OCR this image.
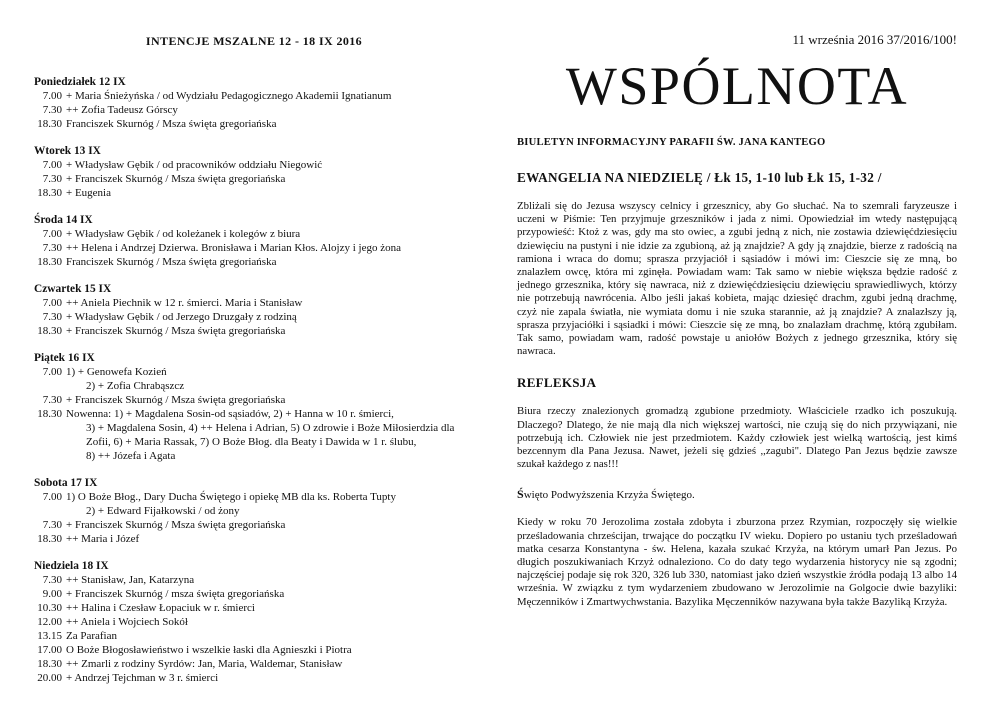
INTENCJE MSZALNE 12 - 18 IX 2016
Poniedziałek 12 IX
7.00 + Maria Śnieżyńska / od Wydziału Pedagogicznego Akademii Ignatianum
7.30 ++ Zofia Tadeusz Górscy
18.30 Franciszek Skurnóg / Msza święta gregoriańska
Wtorek 13 IX
7.00 + Władysław Gębik / od pracowników oddziału Niegowić
7.30 + Franciszek Skurnóg / Msza święta gregoriańska
18.30 + Eugenia
Środa 14 IX
7.00 + Władysław Gębik / od koleżanek i kolegów z biura
7.30 ++ Helena i Andrzej Dzierwa. Bronisława i Marian Kłos. Alojzy i jego żona
18.30 Franciszek Skurnóg / Msza święta gregoriańska
Czwartek 15 IX
7.00 ++ Aniela Piechnik w 12 r. śmierci. Maria i Stanisław
7.30 + Władysław Gębik / od Jerzego Druzgały z rodziną
18.30 + Franciszek Skurnóg / Msza święta gregoriańska
Piątek 16 IX
7.00 1) + Genowefa Kozień
2) + Zofia Chrabąszcz
7.30 + Franciszek Skurnóg / Msza święta gregoriańska
18.30 Nowenna: 1) + Magdalena Sosin-od sąsiadów, 2) + Hanna w 10 r. śmierci,
3) + Magdalena Sosin, 4) ++ Helena i Adrian, 5) O zdrowie i Boże Miłosierdzia dla
Zofii, 6) + Maria Rassak, 7) O Boże Błog. dla Beaty i Dawida w 1 r. ślubu,
8) ++ Józefa i Agata
Sobota 17 IX
7.00 1) O Boże Błog., Dary Ducha Świętego i opiekę MB dla ks. Roberta Tupty
2) + Edward Fijałkowski / od żony
7.30 + Franciszek Skurnóg / Msza święta gregoriańska
18.30 ++ Maria i Józef
Niedziela 18 IX
7.30 ++ Stanisław, Jan, Katarzyna
9.00 + Franciszek Skurnóg / msza święta gregoriańska
10.30 ++ Halina i Czesław Łopaciuk w r. śmierci
12.00 ++ Aniela i Wojciech Sokół
13.15 Za Parafian
17.00 O Boże Błogosławieństwo i wszelkie łaski dla Agnieszki i Piotra
18.30 ++ Zmarli z rodziny Syrdów: Jan, Maria, Waldemar, Stanisław
20.00 + Andrzej Tejchman w 3 r. śmierci
11 września 2016 37/2016/100!
WSPÓLNOTA
BIULETYN INFORMACYJNY PARAFII ŚW. JANA KANTEGO
EWANGELIA NA NIEDZIELĘ / Łk 15, 1-10 lub Łk 15, 1-32 /
Zbliżali się do Jezusa wszyscy celnicy i grzesznicy, aby Go słuchać. Na to szemrali faryzeusze i uczeni w Piśmie: Ten przyjmuje grzeszników i jada z nimi. Opowiedział im wtedy następującą przypowieść: Ktoż z was, gdy ma sto owiec, a zgubi jedną z nich, nie zostawia dziewięćdziesięciu dziewięciu na pustyni i nie idzie za zgubioną, aż ją znajdzie? A gdy ją znajdzie, bierze z radością na ramiona i wraca do domu; sprasza przyjaciół i sąsiadów i mówi im: Cieszcie się ze mną, bo znalazłem owcę, która mi zginęła. Powiadam wam: Tak samo w niebie większa będzie radość z jednego grzesznika, który się nawraca, niż z dziewięćdziesięciu dziewięciu sprawiedliwych, którzy nie potrzebują nawrócenia. Albo jeśli jakaś kobieta, mając dziesięć drachm, zgubi jedną drachmę, czyż nie zapala światła, nie wymiata domu i nie szuka starannie, aż ją znajdzie? A znalazłszy ją, sprasza przyjaciółki i sąsiadki i mówi: Cieszcie się ze mną, bo znalazłam drachmę, którą zgubiłam. Tak samo, powiadam wam, radość powstaje u aniołów Bożych z jednego grzesznika, który się nawraca.
REFLEKSJA
Biura rzeczy znalezionych gromadzą zgubione przedmioty. Właściciele rzadko ich poszukują. Dlaczego? Dlatego, że nie mają dla nich większej wartości, nie czują się do nich przywiązani, nie potrzebują ich. Człowiek nie jest przedmiotem. Każdy człowiek jest wielką wartością, jest kimś bezcennym dla Pana Jezusa. Nawet, jeżeli się gdzieś ,,zagubi". Dlatego Pan Jezus będzie zawsze szukał każdego z nas!!!
Święto Podwyższenia Krzyża Świętego.
Kiedy w roku 70 Jerozolima została zdobyta i zburzona przez Rzymian, rozpoczęły się wielkie prześladowania chrześcijan, trwające do początku IV wieku. Dopiero po ustaniu tych prześladowań matka cesarza Konstantyna - św. Helena, kazała szukać Krzyża, na którym umarł Pan Jezus. Po długich poszukiwaniach Krzyż odnaleziono. Co do daty tego wydarzenia historycy nie są zgodni; najczęściej podaje się rok 320, 326 lub 330, natomiast jako dzień wszystkie źródła podają 13 albo 14 września. W związku z tym wydarzeniem zbudowano w Jerozolimie na Golgocie dwie bazyliki: Męczenników i Zmartwychwstania. Bazylika Męczenników nazywana była także Bazyliką Krzyża.
